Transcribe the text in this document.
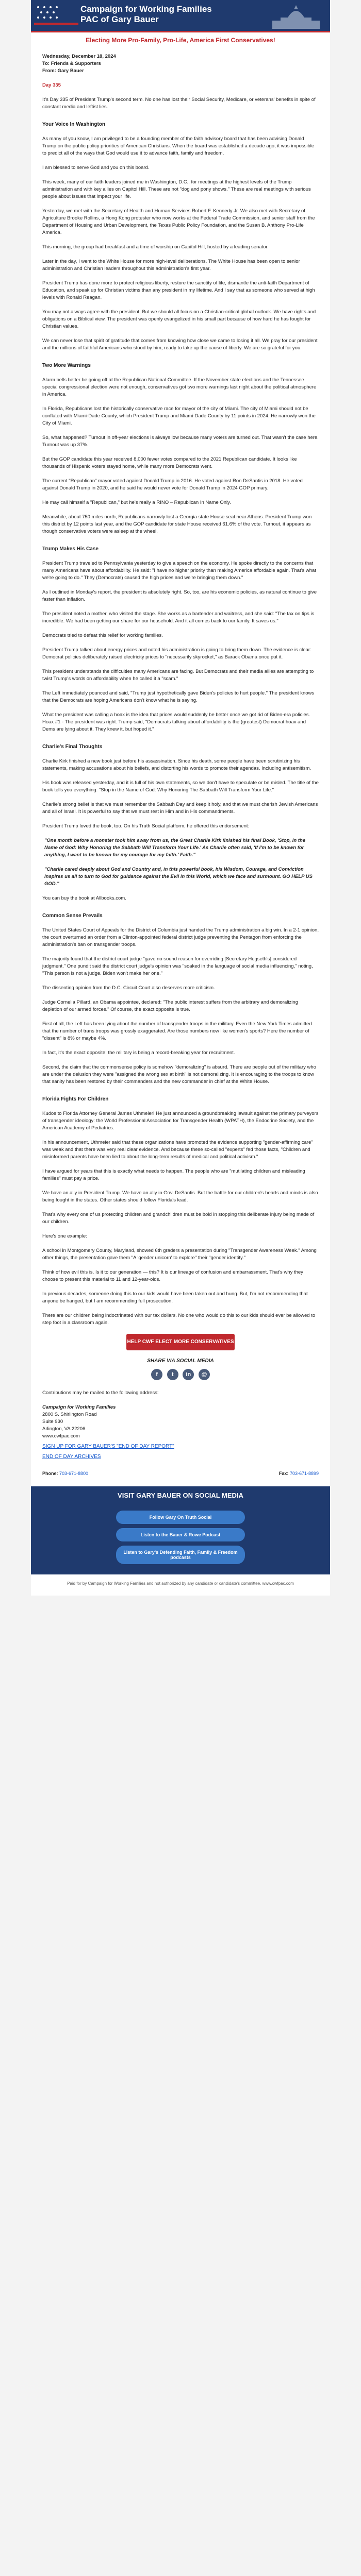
Campaign for Working Families
PAC of Gary Bauer
Electing More Pro-Family, Pro-Life, America First Conservatives!
Wednesday, December 18, 2024
To: Friends & Supporters
From: Gary Bauer

Day 335

It's Day 335 of President Trump's second term. No one has lost their Social Security, Medicare, or veterans' benefits in spite of constant media and leftist lies.

Your Voice In Washington

As many of you know, I am privileged to be a founding member of the faith advisory board that has been advising Donald Trump on the public policy priorities of American Christians. When the board was established a decade ago, it was impossible to predict all of the ways that God would use it to advance faith, family and freedom.

I am blessed to serve God and you on this board.

This week, many of our faith leaders joined me in Washington, D.C., for meetings at the highest levels of the Trump administration and with key allies on Capitol Hill. These are not "dog and pony shows." These are real meetings with serious people about issues that impact your life.

Yesterday, we met with the Secretary of Health and Human Services Robert F. Kennedy Jr. We also met with Secretary of Agriculture Brooke Rollins, a Hong Kong protester who now works at the Federal Trade Commission, and senior staff from the Department of Housing and Urban Development, the Texas Public Policy Foundation, and the Susan B. Anthony Pro-Life America.

This morning, the group had breakfast and a time of worship on Capitol Hill, hosted by a leading senator.

Later in the day, I went to the White House for more high-level deliberations. The White House has been open to senior administration and Christian leaders throughout this administration's first year.

President Trump has done more to protect religious liberty, restore the sanctity of life, dismantle the anti-faith Department of Education, and speak up for Christian victims than any president in my lifetime. And I say that as someone who served at high levels with Ronald Reagan.

You may not always agree with the president. But we should all focus on a Christian-critical global outlook. We have rights and obligations on a Biblical view. The president was openly evangelized in his small part because of how hard he has fought for Christian values.

We can never lose that spirit of gratitude that comes from knowing how close we came to losing it all. We pray for our president and the millions of faithful Americans who stood by him, ready to take up the cause of liberty. We are so grateful for you.

Two More Warnings

Alarm bells better be going off at the Republican National Committee. If the November state elections and the Tennessee special congressional election were not enough, conservatives got two more warnings last night about the political atmosphere in America.

In Florida, Republicans lost the historically conservative race for mayor of the city of Miami. The city of Miami should not be conflated with Miami-Dade County, which President Trump and Miami-Dade County by 11 points in 2024. He narrowly won the City of Miami.

So, what happened? Turnout in off-year elections is always low because many voters are turned out. That wasn't the case here. Turnout was up 37%.

But the GOP candidate this year received 8,000 fewer votes compared to the 2021 Republican candidate. It looks like thousands of Hispanic voters stayed home, while many more Democrats went.

The current "Republican" mayor voted against Donald Trump in 2016. He voted against Ron DeSantis in 2018. He voted against Donald Trump in 2020, and he said he would never vote for Donald Trump in 2024 GOP primary.

He may call himself a "Republican," but he's really a RINO – Republican In Name Only.

Meanwhile, about 750 miles north, Republicans narrowly lost a Georgia state House seat near Athens. President Trump won this district by 12 points last year, and the GOP candidate for state House received 61.6% of the vote. Turnout, it appears as though conservative voters were asleep at the wheel.

Trump Makes His Case

President Trump traveled to Pennsylvania yesterday to give a speech on the economy. He spoke directly to the concerns that many Americans have about affordability. He said: "I have no higher priority than making America affordable again. That's what we're going to do." They (Democrats) caused the high prices and we're bringing them down."

As I outlined in Monday's report, the president is absolutely right. So, too, are his economic policies, as natural continue to give faster than inflation.

The president noted a mother, who visited the stage. She works as a bartender and waitress, and she said: "The tax on tips is incredible. We had been getting our share for our household. And it all comes back to our family. It saves us."

Democrats tried to defeat this relief for working families.

President Trump talked about energy prices and noted his administration is going to bring them down. The evidence is clear: Democrat policies deliberately raised electricity prices to "necessarily skyrocket," as Barack Obama once put it.

This president understands the difficulties many Americans are facing. But Democrats and their media allies are attempting to twist Trump's words on affordability when he called it a "scam."

The Left immediately pounced and said, "Trump just hypothetically gave Biden's policies to hurt people." The president knows that the Democrats are hoping Americans don't know what he is saying.

What the president was calling a hoax is the idea that prices would suddenly be better once we got rid of Biden-era policies. Hoax #1 - The president was right. Trump said, "Democrats talking about affordability is the (greatest) Democrat hoax and Dems are lying about it. They knew it, but hoped it."

Charlie's Final Thoughts

Charlie Kirk finished a new book just before his assassination. Since his death, some people have been scrutinizing his statements, making accusations about his beliefs, and distorting his words to promote their agendas. Including antisemitism.

His book was released yesterday, and it is full of his own statements, so we don't have to speculate or be misled. The title of the book tells you everything: "Stop in the Name of God: Why Honoring The Sabbath Will Transform Your Life."

Charlie's strong belief is that we must remember the Sabbath Day and keep it holy, and that we must cherish Jewish Americans and all of Israel. It is powerful to say that we must rest in Him and in His commandments.

President Trump loved the book, too. On his Truth Social platform, he offered this endorsement:

"One month before a monster took him away from us, the Great Charlie Kirk finished his final Book, 'Stop, in the Name of God: Why Honoring the Sabbath Will Transform Your Life.' As Charlie often said, 'If I'm to be known for anything, I want to be known for my courage for my faith.' Faith."
"Charlie cared deeply about God and Country and, in this powerful book, his Wisdom, Courage, and Conviction inspires us all to turn to God for guidance against the Evil in this World, which we face and surmount. GO HELP US GOD."

You can buy the book at Allbooks.com.

Common Sense Prevails

The United States Court of Appeals for the District of Columbia just handed the Trump administration a big win. In a 2-1 opinion, the court overturned an order from a Clinton-appointed federal district judge preventing the Pentagon from enforcing the administration's ban on transgender troops.

The majority found that the district court judge "gave no sound reason for overriding [Secretary Hegseth's] considered judgment." One pundit said the district court judge's opinion was "soaked in the language of social media influencing," noting, "This person is not a judge. Biden won't make her one."

The dissenting opinion from the D.C. Circuit Court also deserves more criticism.

Judge Cornelia Pillard, an Obama appointee, declared: "The public interest suffers from the arbitrary and demoralizing depletion of our armed forces." Of course, the exact opposite is true.

First of all, the Left has been lying about the number of transgender troops in the military. Even the New York Times admitted that the number of trans troops was grossly exaggerated. Are those numbers now like women's sports? Here the number of "dissent" is 8% or maybe 4%.

In fact, it's the exact opposite: the military is being a record-breaking year for recruitment.

Second, the claim that the commonsense policy is somehow "demoralizing" is absurd. There are people out of the military who are under the delusion they were "assigned the wrong sex at birth" is not demoralizing. It is encouraging to the troops to know that sanity has been restored by their commanders and the new commander in chief at the White House.

Florida Fights For Children

Kudos to Florida Attorney General James Uthmeier! He just announced a groundbreaking lawsuit against the primary purveyors of transgender ideology: the World Professional Association for Transgender Health (WPATH), the Endocrine Society, and the American Academy of Pediatrics.

In his announcement, Uthmeier said that these organizations have promoted the evidence supporting "gender-affirming care" was weak and that there was very real clear evidence. And because these so-called "experts" fed those facts, "Children and misinformed parents have been lied to about the long-term results of medical and political activism."

I have argued for years that this is exactly what needs to happen. The people who are "mutilating children and misleading families" must pay a price.

We have an ally in President Trump. We have an ally in Gov. DeSantis. But the battle for our children's hearts and minds is also being fought in the states. Other states should follow Florida's lead.

That's why every one of us protecting children and grandchildren must be bold in stopping this deliberate injury being made of our children.

Here's one example:

A school in Montgomery County, Maryland, showed 6th graders a presentation during "Transgender Awareness Week." Among other things, the presentation gave them "A 'gender unicorn' to explore" their "gender identity."

Think of how evil this is. Is it to our generation — this? It is our lineage of confusion and embarrassment. That's why they choose to present this material to 11 and 12-year-olds.

In previous decades, someone doing this to our kids would have been taken out and hung. But, I'm not recommending that anyone be hanged, but I am recommending full prosecution.

There are our children being indoctrinated with our tax dollars. No one who would do this to our kids should ever be allowed to step foot in a classroom again.

HELP CWF ELECT MORE CONSERVATIVES
SHARE VIA SOCIAL MEDIA
f t in @

Contributions may be mailed to the following address:

Campaign for Working Families
2800 S. Shirlington Road
Suite 930
Arlington, VA 22206
www.cwfpac.com
SIGN UP FOR GARY BAUER'S "END OF DAY REPORT"
END OF DAY ARCHIVES
Phone: 703-671-8800	Fax: 703-671-8899
VISIT GARY BAUER ON SOCIAL MEDIA
Follow Gary On Truth Social
Listen to the Bauer & Rowe Podcast
Listen to Gary's Defending Faith, Family & Freedom podcasts
Paid for by Campaign for Working Families and not authorized by any candidate or candidate's committee. www.cwfpac.com
